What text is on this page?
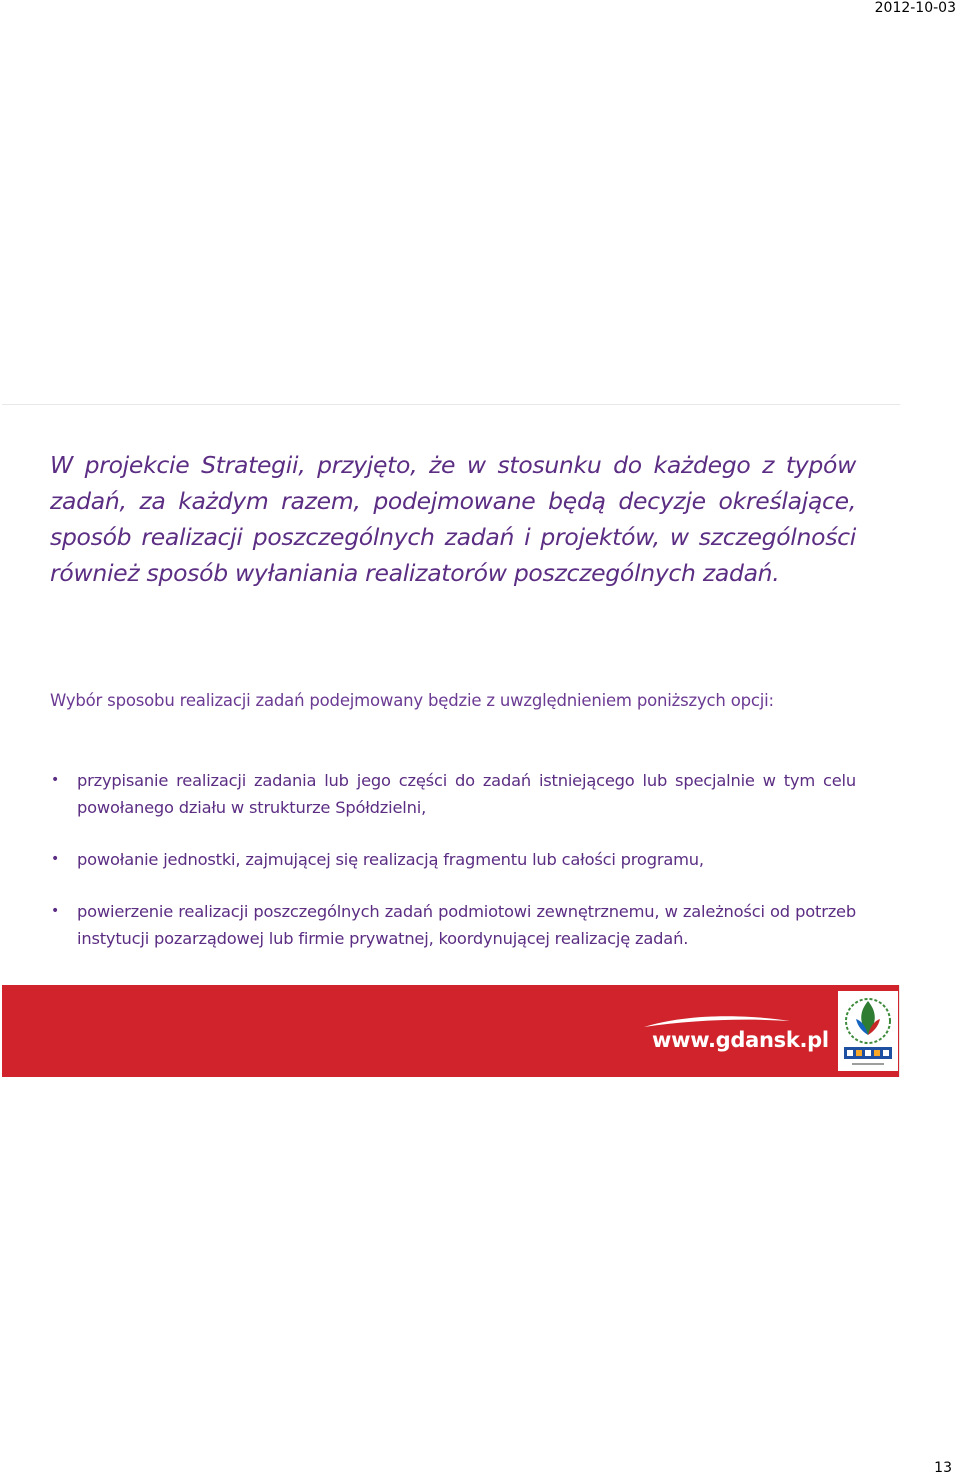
2012-10-03
W projekcie Strategii, przyjęto, że w stosunku do każdego z typów zadań, za każdym razem, podejmowane będą decyzje określające, sposób realizacji poszczególnych zadań i projektów, w szczególności również sposób wyłaniania realizatorów poszczególnych zadań.

Wybór sposobu realizacji zadań podejmowany będzie z uwzględnieniem poniższych opcji:

• przypisanie realizacji zadania lub jego części do zadań istniejącego lub specjalnie w tym celu powołanego działu w strukturze Spółdzielni,
• powołanie jednostki, zajmującej się realizacją fragmentu lub całości programu,
• powierzenie realizacji poszczególnych zadań podmiotowi zewnętrznemu, w zależności od potrzeb instytucji pozarządowej lub firmie prywatnej, koordynującej realizację zadań.
www.gdansk.pl
13
